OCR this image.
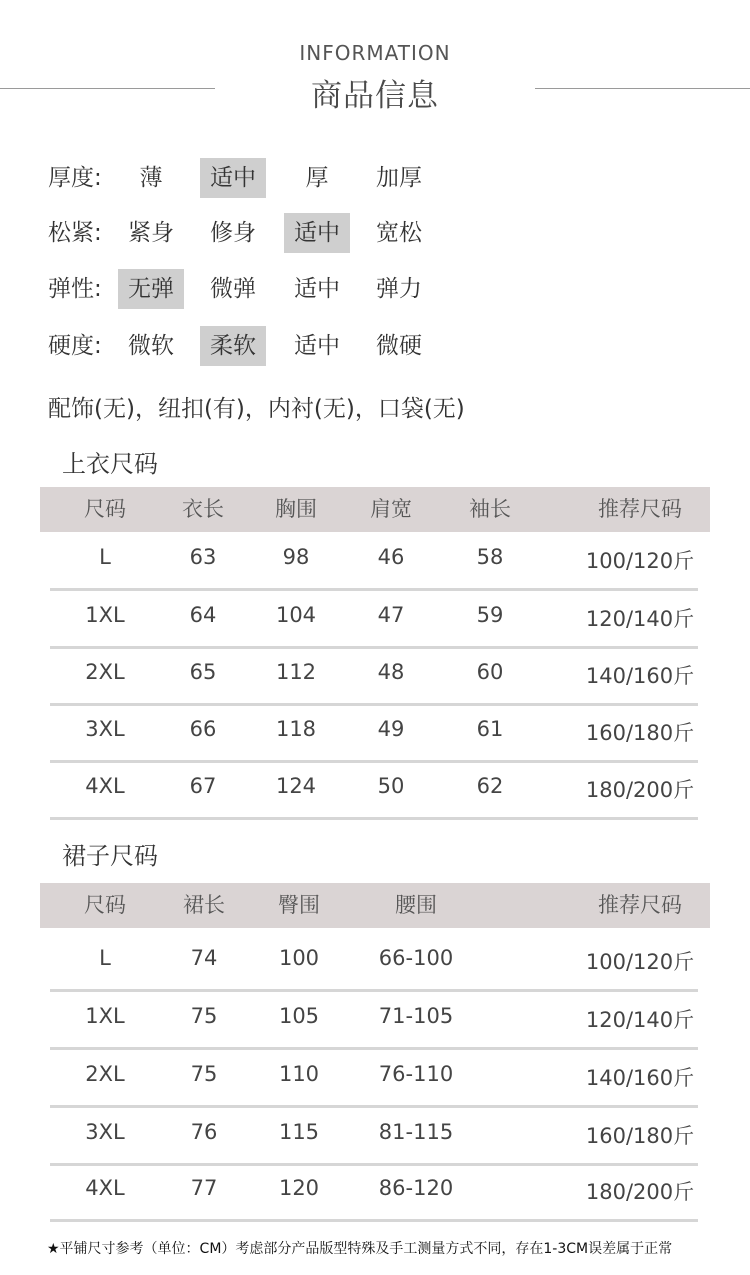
INFORMATION
商品信息
厚度:	薄	适中	厚	加厚
松紧:	紧身	修身	适中	宽松
弹性:	无弹	微弹	适中	弹力
硬度:	微软	柔软	适中	微硬
配饰(无)，纽扣(有)，内衬(无)，口袋(无)
上衣尺码
尺码	衣长	胸围	肩宽	袖长	推荐尺码
L	63	98	46	58	100/120斤
1XL	64	104	47	59	120/140斤
2XL	65	112	48	60	140/160斤
3XL	66	118	49	61	160/180斤
4XL	67	124	50	62	180/200斤
裙子尺码
尺码	裙长	臀围	腰围	推荐尺码
L	74	100	66-100	100/120斤
1XL	75	105	71-105	120/140斤
2XL	75	110	76-110	140/160斤
3XL	76	115	81-115	160/180斤
4XL	77	120	86-120	180/200斤
★平铺尺寸参考（单位：CM）考虑部分产品版型特殊及手工测量方式不同，存在1-3CM误差属于正常
